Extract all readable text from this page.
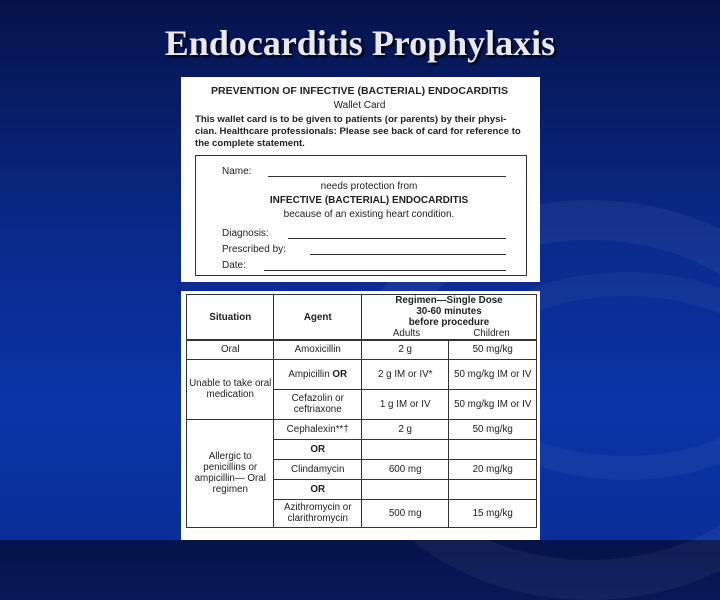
Endocarditis Prophylaxis
PREVENTION OF INFECTIVE (BACTERIAL) ENDOCARDITIS
Wallet Card
This wallet card is to be given to patients (or parents) by their physi-cian. Healthcare professionals: Please see back of card for reference to the complete statement.
Name:
needs protection from
INFECTIVE (BACTERIAL) ENDOCARDITIS
because of an existing heart condition.
Diagnosis:
Prescribed by:
Date:
Situation	Agent	Regimen—Single Dose
30-60 minutes
before procedure
Adults Children	

Oral	Amoxicillin	2 g	50 mg/kg
Unable to take oral medication	Ampicillin OR	2 g IM or IV*	50 mg/kg IM or IV
	Cefazolin or ceftriaxone	1 g IM or IV	50 mg/kg IM or IV
Allergic to penicillins or ampicillin— Oral regimen	Cephalexin**†	2 g	50 mg/kg
	OR		
	Clindamycin	600 mg	20 mg/kg
	OR		
	Azithromycin or clarithromycin	500 mg	15 mg/kg
